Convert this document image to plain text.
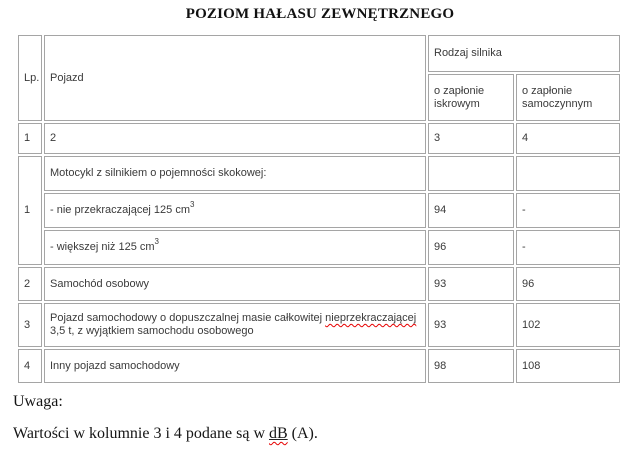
POZIOM HAŁASU ZEWNĘTRZNEGO
Lp.	Pojazd	Rodzaj silnika	
		o zapłonie iskrowym	o zapłonie samoczynnym
1	2	3	4
1	Motocykl z silnikiem o pojemności skokowej:		
	- nie przekraczającej 125 $cm^3$	94	-
	- większej niż 125 $cm^3$	96	-
2	Samochód osobowy	93	96
3	Pojazd samochodowy o dopuszczalnej masie całkowitej nieprzekraczającej 3,5 t, z wyjątkiem samochodu osobowego	93	102
4	Inny pojazd samochodowy	98	108

Uwaga:

Wartości w kolumnie 3 i 4 podane są w dB (A).
